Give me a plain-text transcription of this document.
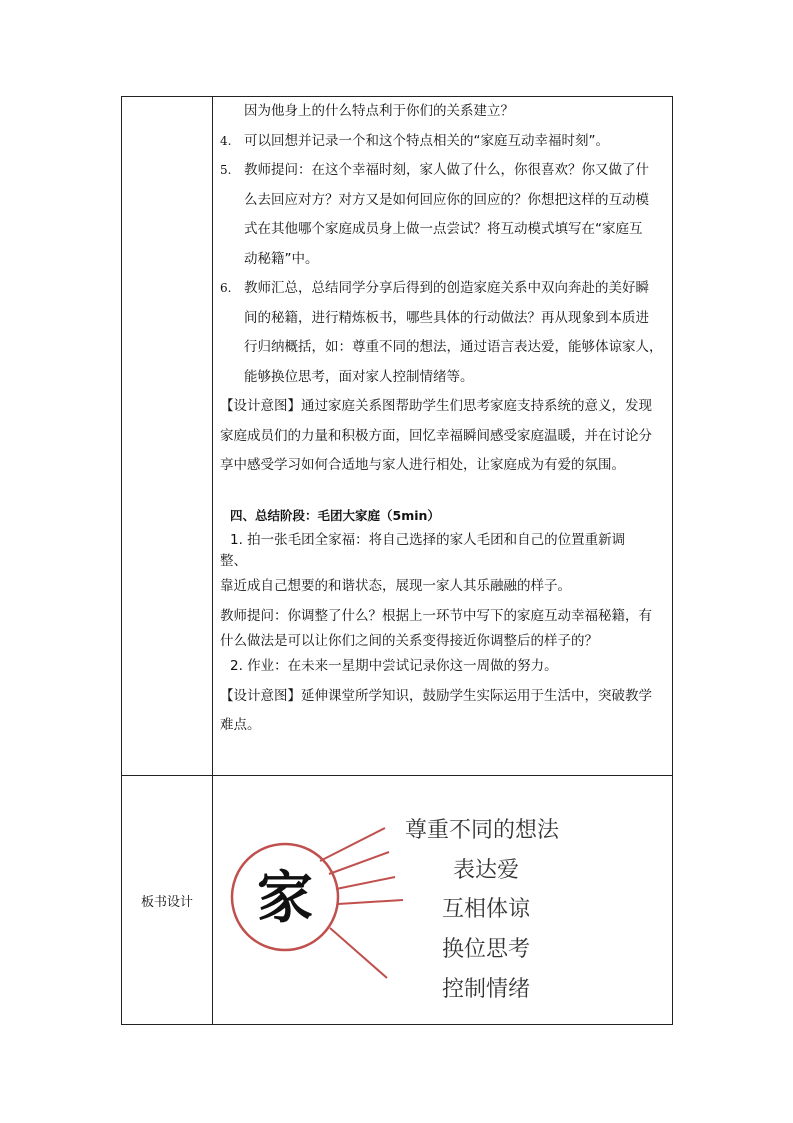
因为他身上的什么特点利于你们的关系建立？
4. 可以回想并记录一个和这个特点相关的“家庭互动幸福时刻”。
5. 教师提问：在这个幸福时刻，家人做了什么，你很喜欢？你又做了什
么去回应对方？对方又是如何回应你的回应的？你想把这样的互动模
式在其他哪个家庭成员身上做一点尝试？将互动模式填写在“家庭互
动秘籍”中。
6. 教师汇总，总结同学分享后得到的创造家庭关系中双向奔赴的美好瞬
间的秘籍，进行精炼板书，哪些具体的行动做法？再从现象到本质进
行归纳概括，如：尊重不同的想法，通过语言表达爱，能够体谅家人，
能够换位思考，面对家人控制情绪等。
【设计意图】通过家庭关系图帮助学生们思考家庭支持系统的意义，发现
家庭成员们的力量和积极方面，回忆幸福瞬间感受家庭温暖，并在讨论分
享中感受学习如何合适地与家人进行相处，让家庭成为有爱的氛围。
四、总结阶段：毛团大家庭（5min）
1. 拍一张毛团全家福：将自己选择的家人毛团和自己的位置重新调
整、
靠近成自己想要的和谐状态，展现一家人其乐融融的样子。
教师提问：你调整了什么？根据上一环节中写下的家庭互动幸福秘籍，有
什么做法是可以让你们之间的关系变得接近你调整后的样子的？
2. 作业：在未来一星期中尝试记录你这一周做的努力。
【设计意图】延伸课堂所学知识，鼓励学生实际运用于生活中，突破教学
难点。
板书设计	家
尊重不同的想法
表达爱
互相体谅
换位思考
控制情绪
